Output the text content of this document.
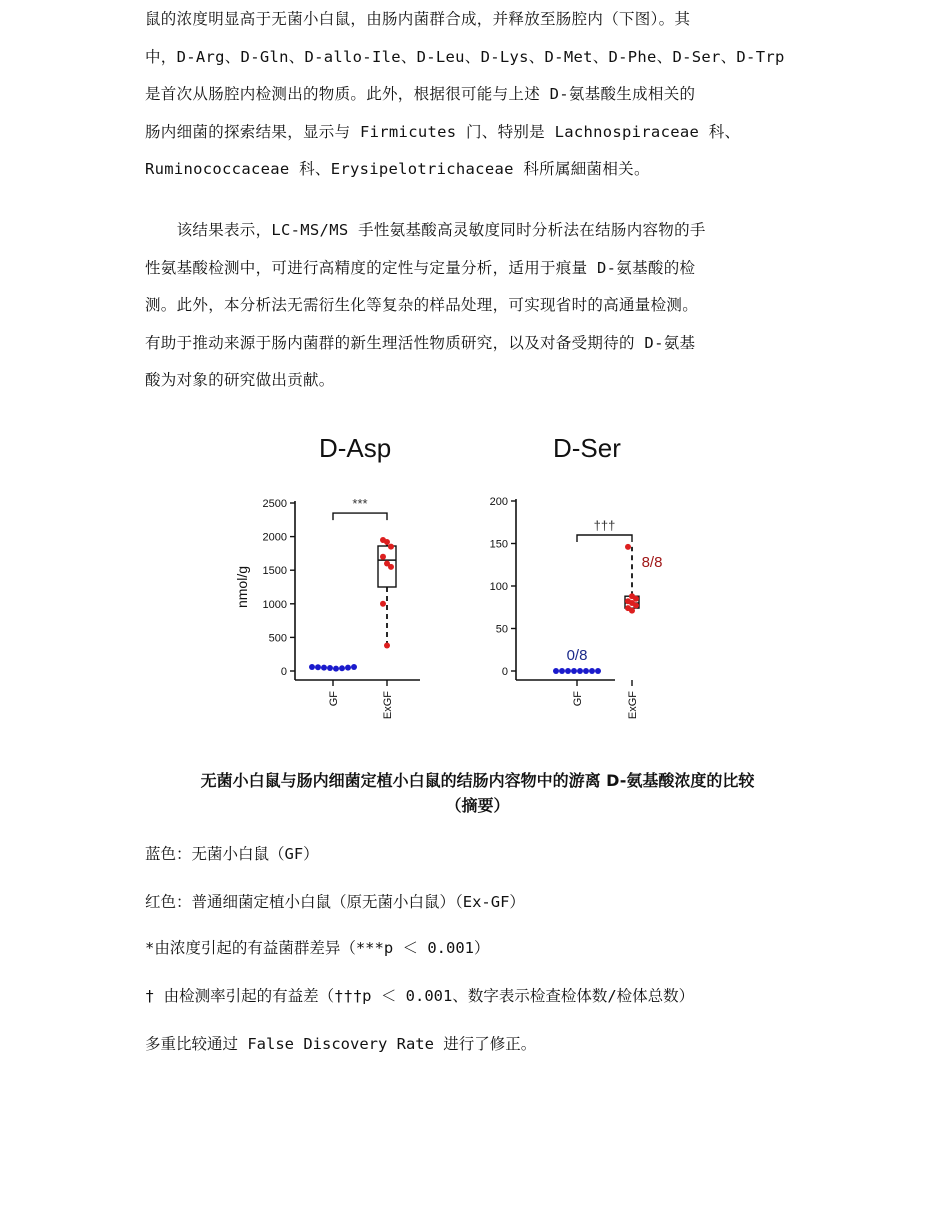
鼠的浓度明显高于无菌小白鼠，由肠内菌群合成，并释放至肠腔内（下图）。其
中，D-Arg、D-Gln、D-allo-Ile、D-Leu、D-Lys、D-Met、D-Phe、D-Ser、D-Trp
是首次从肠腔内检测出的物质。此外，根据很可能与上述 D-氨基酸生成相关的
肠内细菌的探索结果，显示与 Firmicutes 门、特别是 Lachnospiraceae 科、
Ruminococcaceae 科、Erysipelotrichaceae 科所属細菌相关。
　　该结果表示，LC-MS/MS 手性氨基酸高灵敏度同时分析法在结肠内容物的手
性氨基酸检测中，可进行高精度的定性与定量分析，适用于痕量 D-氨基酸的检
测。此外，本分析法无需衍生化等复杂的样品处理，可实现省时的高通量检测。
有助于推动来源于肠内菌群的新生理活性物质研究，以及对备受期待的 D-氨基
酸为对象的研究做出贡献。
D-Asp	D-Ser
0
500
1000
1500
2000
2500
GF	ExGF
nmol/g
***
0
50
100
150
200
GF	ExGF
†††
0/8
8/8
无菌小白鼠与肠内细菌定植小白鼠的结肠内容物中的游离 D-氨基酸浓度的比较
（摘要）
蓝色：无菌小白鼠（GF）
红色：普通细菌定植小白鼠（原无菌小白鼠）（Ex-GF）
*由浓度引起的有益菌群差异（***p ＜ 0.001）
† 由检测率引起的有益差（†††p ＜ 0.001、数字表示检查检体数/检体总数）
多重比较通过 False Discovery Rate 进行了修正。
